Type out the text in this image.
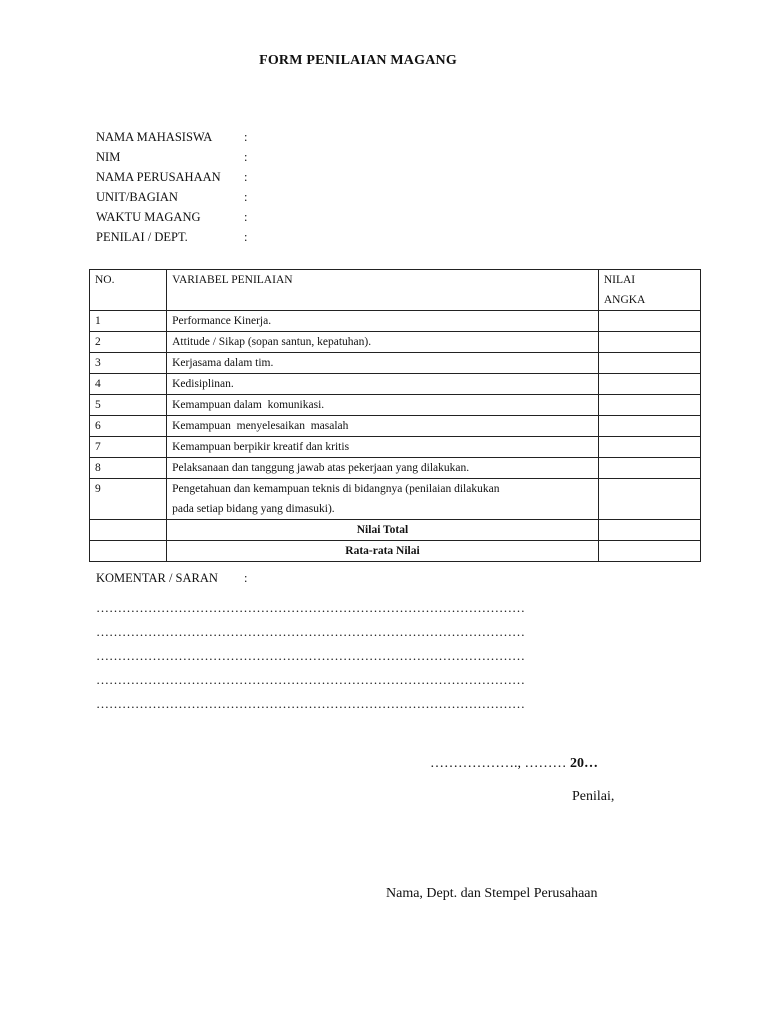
FORM PENILAIAN MAGANG
NAMA MAHASISWA	:
NIM	:
NAMA PERUSAHAAN	:
UNIT/BAGIAN	:
WAKTU MAGANG	:
PENILAI / DEPT.	:
NO.	VARIABEL PENILAIAN	NILAI
ANGKA

1	Performance Kinerja.	
2	Attitude / Sikap (sopan santun, kepatuhan).	
3	Kerjasama dalam tim.	
4	Kedisiplinan.	
5	Kemampuan dalam  komunikasi.	
6	Kemampuan  menyelesaikan  masalah	
7	Kemampuan berpikir kreatif dan kritis	
8	Pelaksanaan dan tanggung jawab atas pekerjaan yang dilakukan.	
9	Pengetahuan dan kemampuan teknis di bidangnya (penilaian dilakukan
pada setiap bidang yang dimasuki).	

	Nilai Total	
	Rata-rata Nilai	
KOMENTAR / SARAN	:
………………………………………………………………………………………
………………………………………………………………………………………
………………………………………………………………………………………
………………………………………………………………………………………
………………………………………………………………………………………
………………., ……… 20…
Penilai,
Nama, Dept. dan Stempel Perusahaan
